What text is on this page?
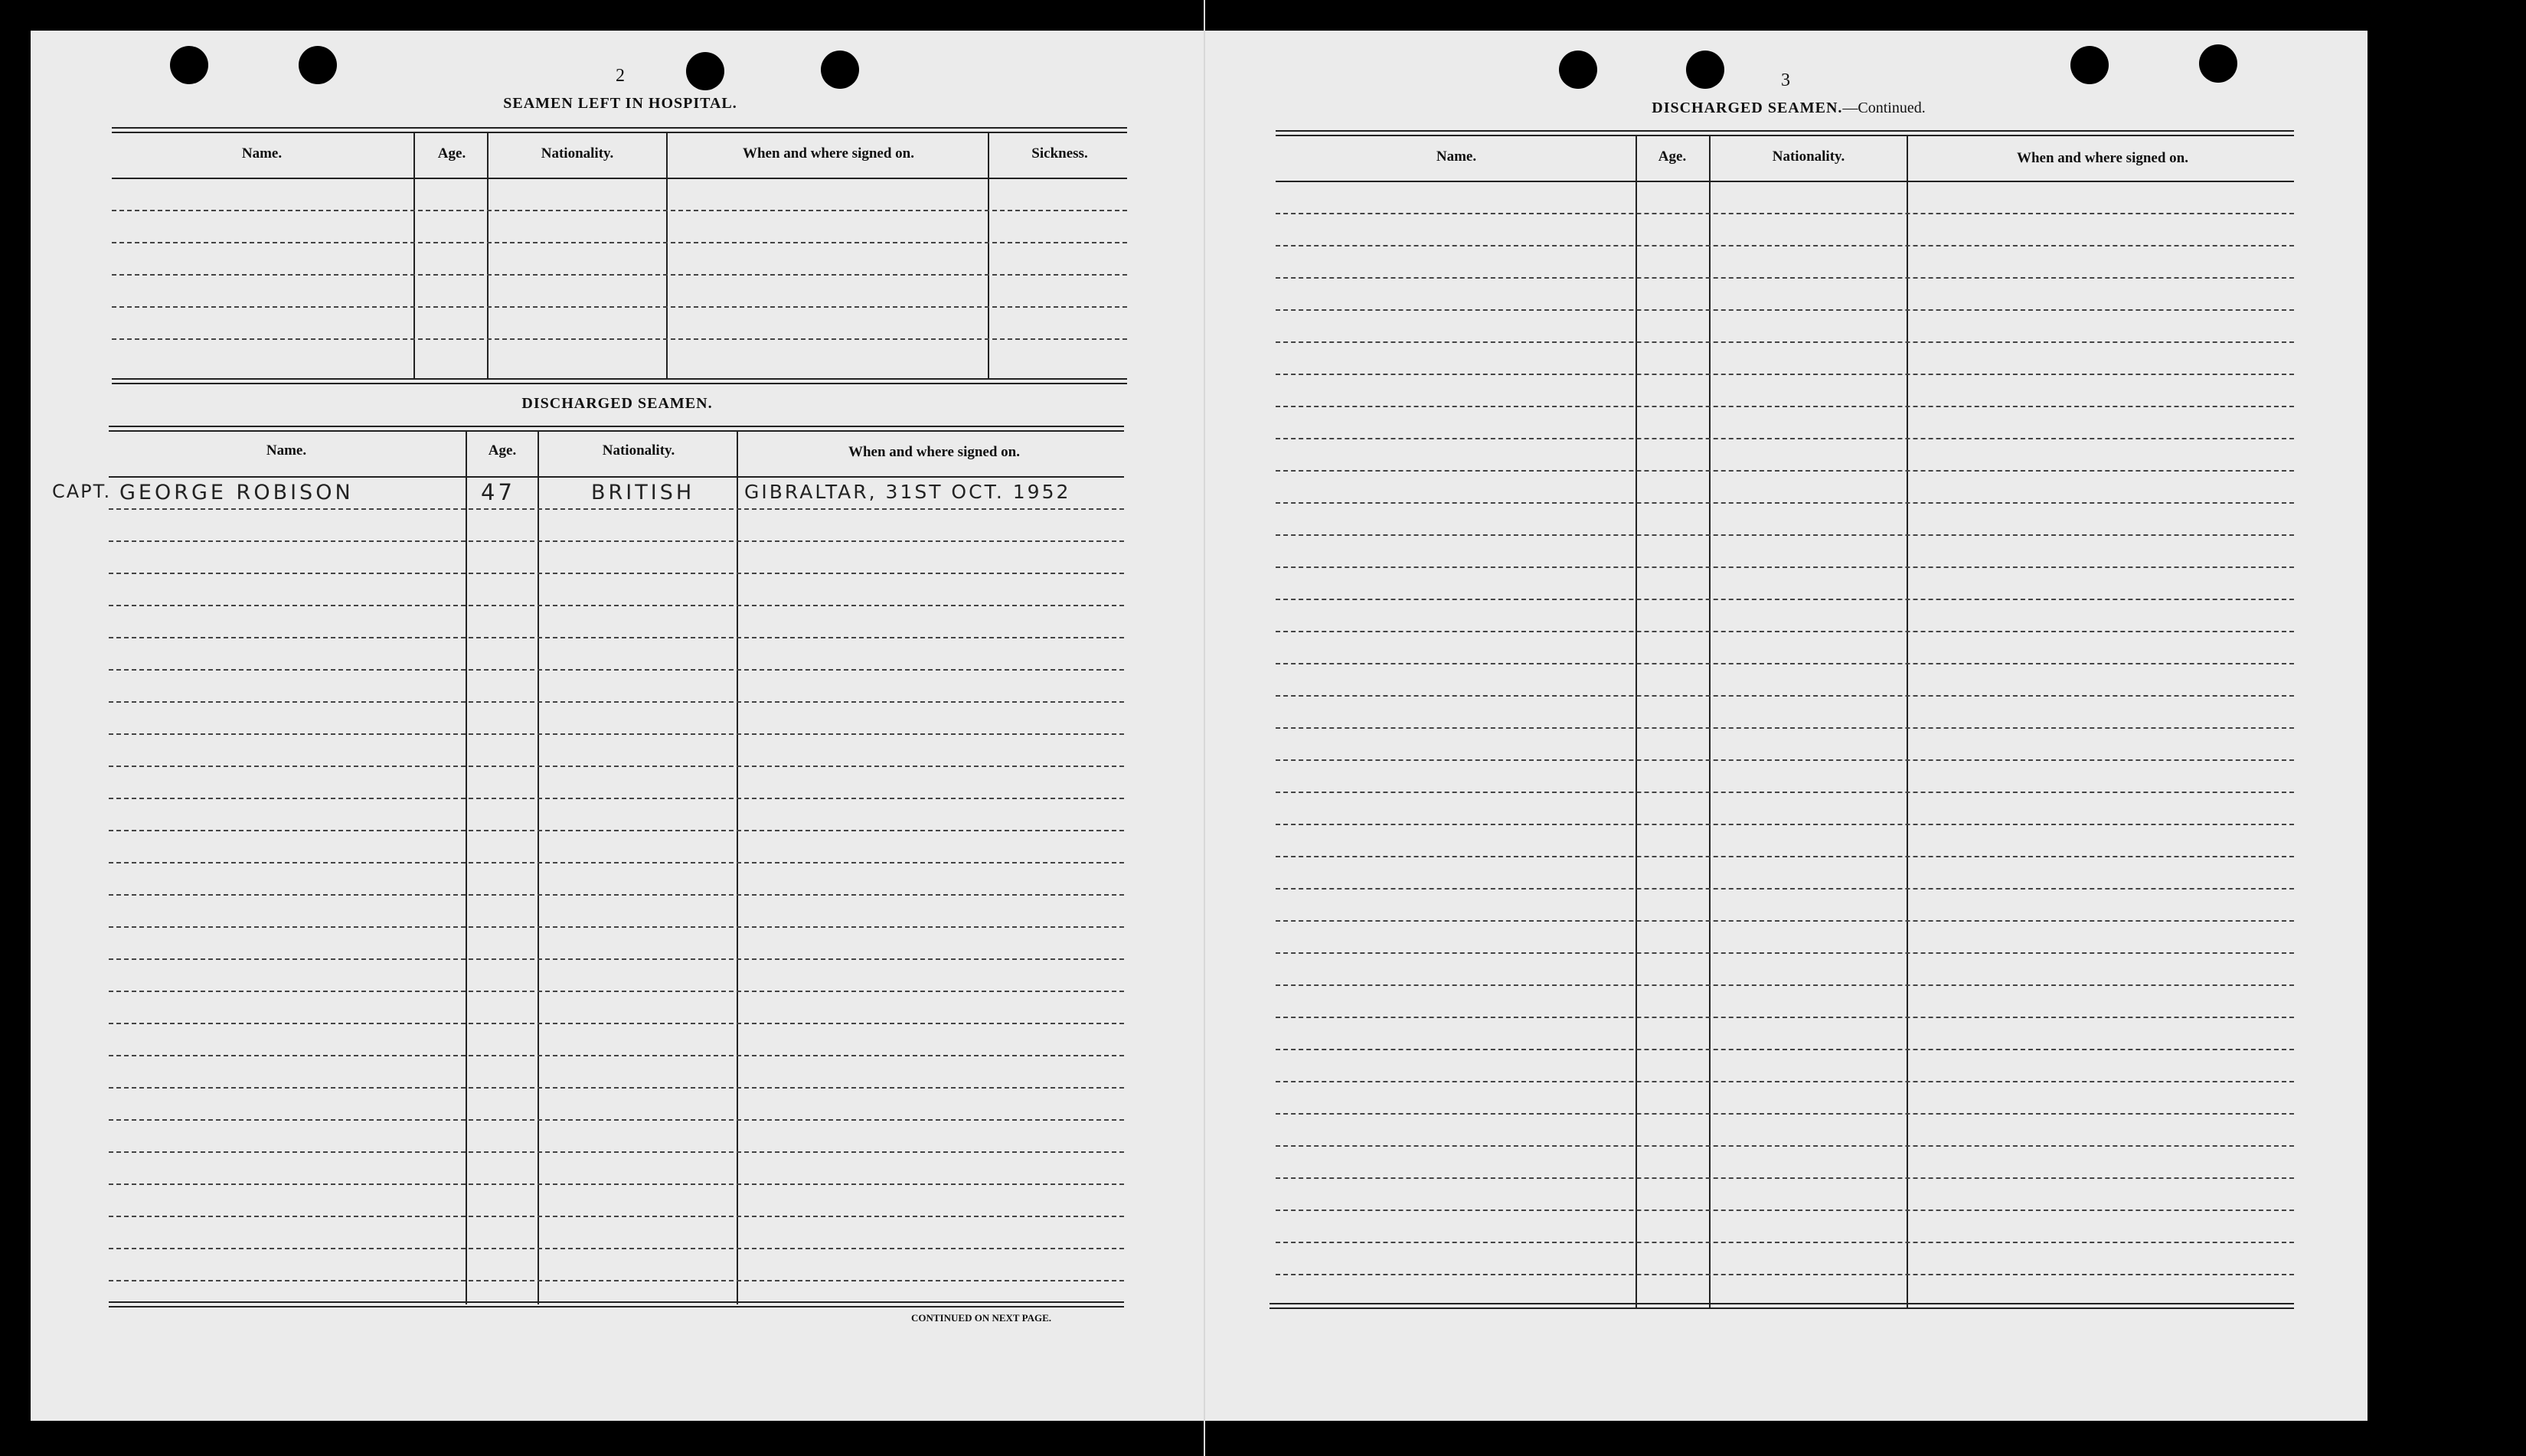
2
SEAMEN LEFT IN HOSPITAL.
Name.	Age.	Nationality.	When and where signed on.	Sickness.
DISCHARGED SEAMEN.
Name.	Age.	Nationality.	When and where signed on.
CAPT. GEORGE ROBISON	47	BRITISH	GIBRALTAR, 31ST OCT. 1952
CONTINUED ON NEXT PAGE.
3
DISCHARGED SEAMEN.—Continued.
Name.	Age.	Nationality.	When and where signed on.
